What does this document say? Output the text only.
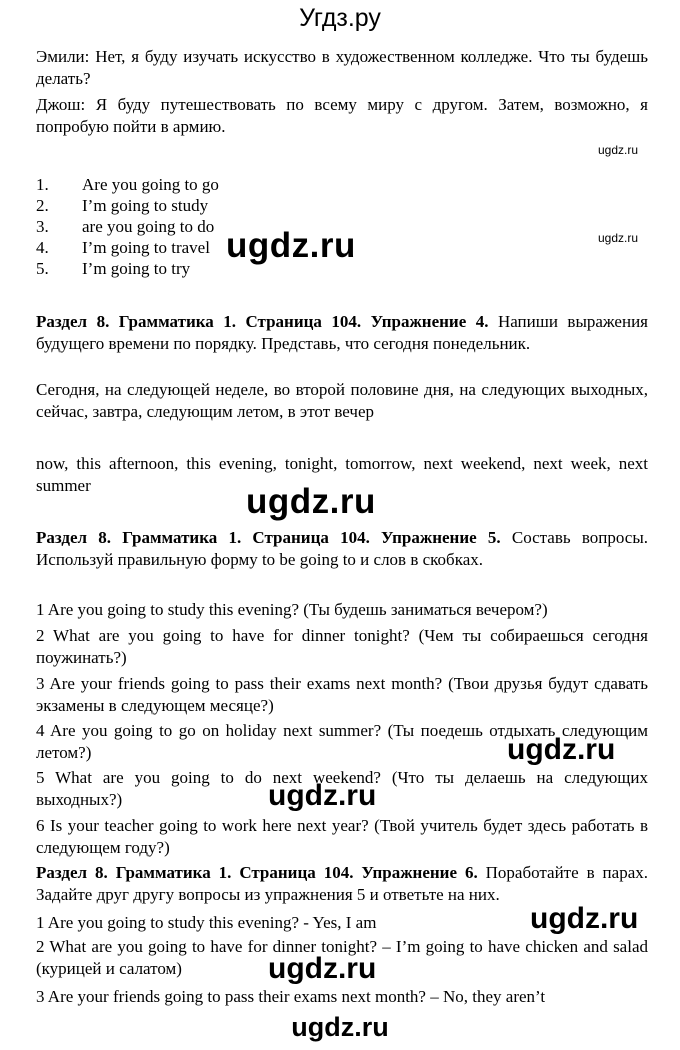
Угдз.ру
Эмили: Нет, я буду изучать искусство в художественном колледже. Что ты будешь делать?
Джош: Я буду путешествовать по всему миру с другом. Затем, возможно, я попробую пойти в армию.
ugdz.ru
1.	Are you going to go
2.	I’m going to study
3.	are you going to do
4.	I’m going to travel
5.	I’m going to try
ugdz.ru	ugdz.ru
Раздел 8. Грамматика 1. Страница 104. Упражнение 4. Напиши выражения будущего времени по порядку. Представь, что сегодня понедельник.
Сегодня, на следующей неделе, во второй половине дня, на следующих выходных, сейчас, завтра, следующим летом, в этот вечер
now, this afternoon, this evening, tonight, tomorrow, next weekend, next week, next summer	ugdz.ru
Раздел 8. Грамматика 1. Страница 104. Упражнение 5. Составь вопросы. Используй правильную форму to be going to и слов в скобках.
1 Are you going to study this evening? (Ты будешь заниматься вечером?)
2 What are you going to have for dinner tonight? (Чем ты собираешься сегодня поужинать?)
3 Are your friends going to pass their exams next month? (Твои друзья будут сдавать экзамены в следующем месяце?)
4 Are you going to go on holiday next summer? (Ты поедешь отдыхать следующим летом?)	ugdz.ru
5 What are you going to do next weekend? (Что ты делаешь на следующих выходных?)	ugdz.ru
6 Is your teacher going to work here next year? (Твой учитель будет здесь работать в следующем году?)
Раздел 8. Грамматика 1. Страница 104. Упражнение 6. Поработайте в парах. Задайте друг другу вопросы из упражнения 5 и ответьте на них.
1 Are you going to study this evening? - Yes, I am	ugdz.ru
2 What are you going to have for dinner tonight? – I’m going to have chicken and salad (курицей и салатом)	ugdz.ru
3 Are your friends going to pass their exams next month? – No, they aren’t
ugdz.ru
